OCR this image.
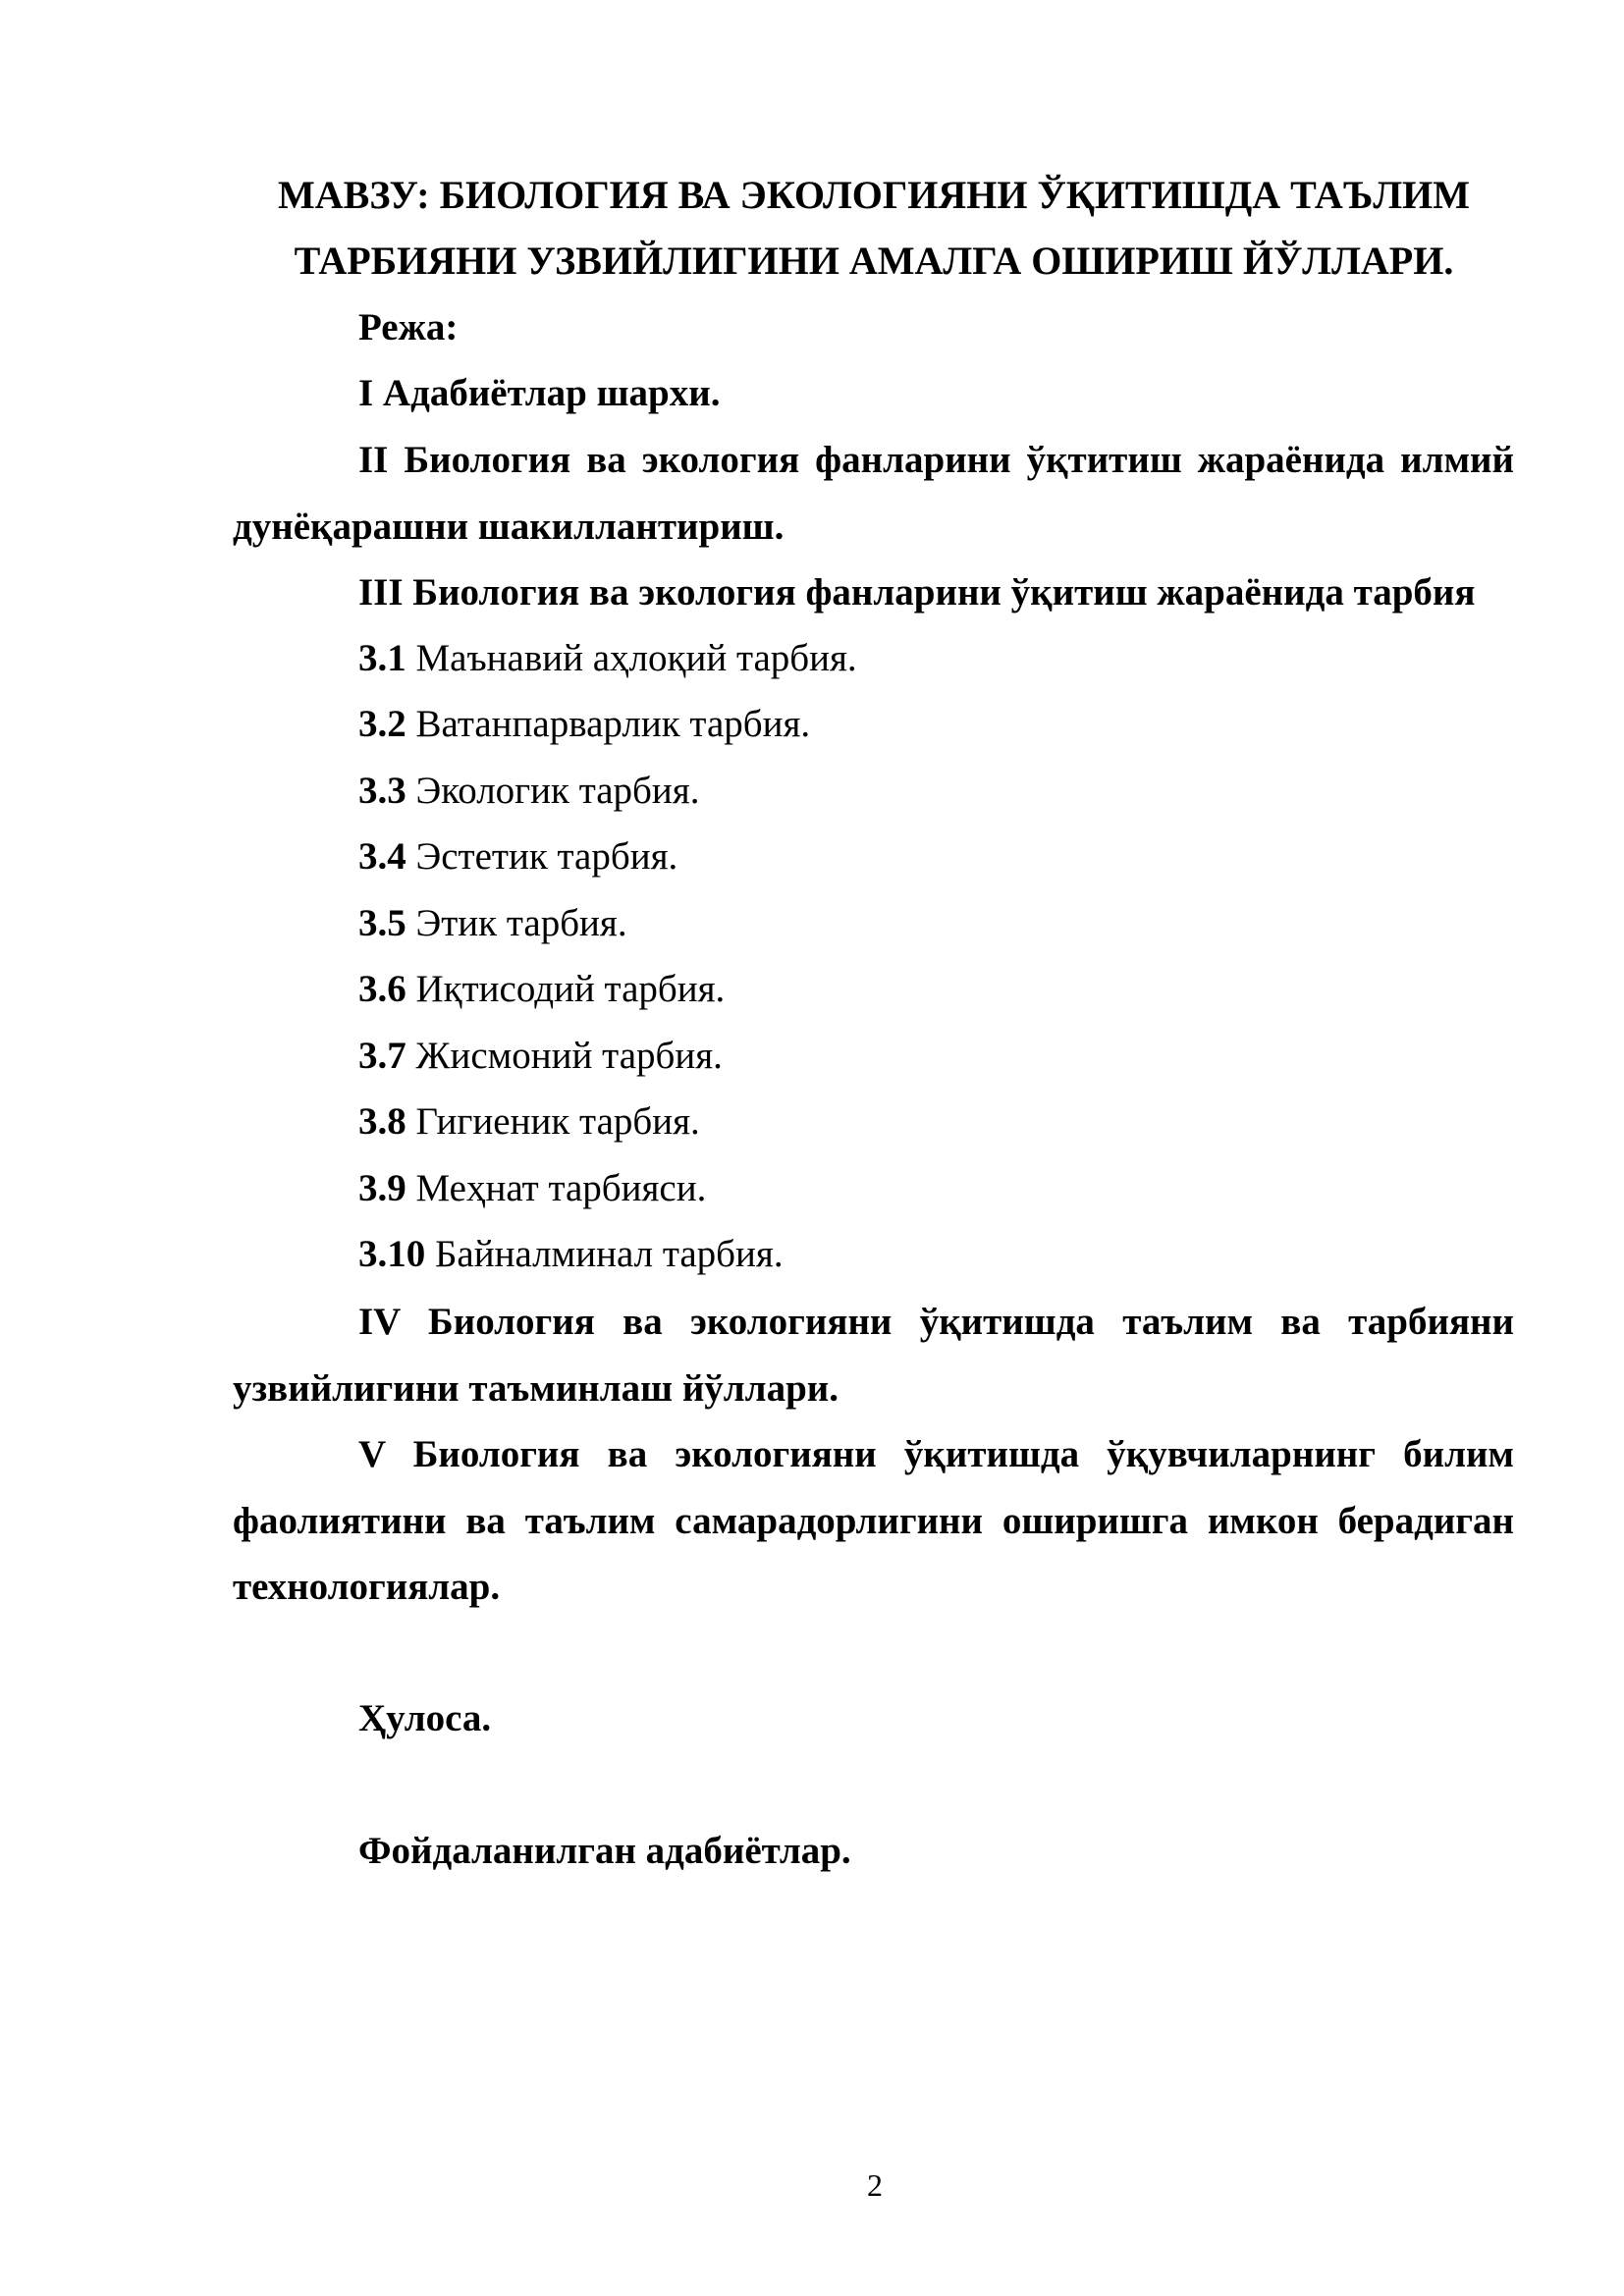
МАВЗУ: БИОЛОГИЯ ВА ЭКОЛОГИЯНИ ЎҚИТИШДА ТАЪЛИМ ТАРБИЯНИ УЗВИЙЛИГИНИ АМАЛГА ОШИРИШ ЙЎЛЛАРИ.

Режа:
I Адабиётлар шархи.

II Биология ва экология фанларини ўқтитиш жараёнида илмий дунёқарашни шакиллантириш.

III Биология ва экология фанларини ўқитиш жараёнида тарбия
3.1 Маънавий аҳлоқий тарбия.
3.2 Ватанпарварлик тарбия.
3.3 Экологик тарбия.
3.4 Эстетик тарбия.
3.5 Этик тарбия.
3.6 Иқтисодий тарбия.
3.7 Жисмоний тарбия.
3.8 Гигиеник тарбия.
3.9 Меҳнат тарбияси.
3.10 Байналминал тарбия.

IV Биология ва экологияни ўқитишда таълим ва тарбияни узвийлигини таъминлаш йўллари.

V Биология ва экологияни ўқитишда ўқувчиларнинг билим фаолиятини ва таълим самарадорлигини оширишга имкон берадиган технологиялар.

Ҳулоса.
Фойдаланилган адабиётлар.
2
